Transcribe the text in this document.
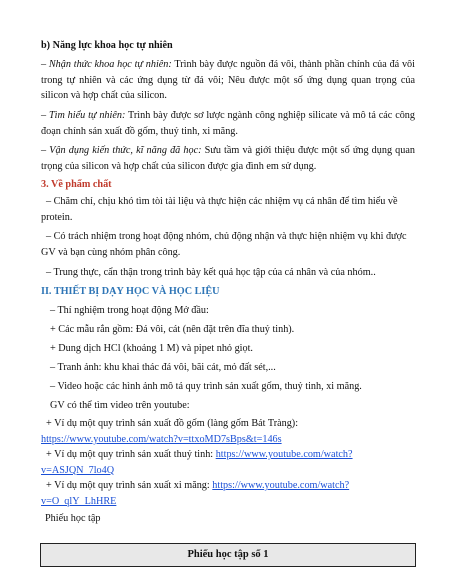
b) Năng lực khoa học tự nhiên

– Nhận thức khoa học tự nhiên: Trình bày được nguồn đá vôi, thành phần chính của đá vôi trong tự nhiên và các ứng dụng từ đá vôi; Nêu được một số ứng dụng quan trọng của silicon và hợp chất của silicon.

– Tìm hiểu tự nhiên: Trình bày được sơ lược ngành công nghiệp silicate và mô tả các công đoạn chính sản xuất đồ gốm, thuỷ tinh, xi măng.

– Vận dụng kiến thức, kĩ năng đã học: Sưu tầm và giới thiệu được một số ứng dụng quan trọng của silicon và hợp chất của silicon được gia đình em sử dụng.

3. Về phẩm chất

– Chăm chỉ, chịu khó tìm tòi tài liệu và thực hiện các nhiệm vụ cá nhân để tìm hiểu về protein.

– Có trách nhiệm trong hoạt động nhóm, chủ động nhận và thực hiện nhiệm vụ khi được GV và bạn cùng nhóm phân công.

– Trung thực, cẩn thận trong trình bày kết quả học tập của cá nhân và của nhóm..

II. THIẾT BỊ DẠY HỌC VÀ HỌC LIỆU

– Thí nghiệm trong hoạt động Mở đầu:

+ Các mẫu rắn gồm: Đá vôi, cát (nên đặt trên đĩa thuỷ tinh).

+ Dung dịch HCl (khoảng 1 M) và pipet nhỏ giọt.

– Tranh ảnh: khu khai thác đá vôi, bãi cát, mỏ đất sét,...

– Video hoặc các hình ảnh mô tả quy trình sản xuất gốm, thuỷ tinh, xi măng.

GV có thể tìm video trên youtube:

+ Ví dụ một quy trình sản xuất đồ gốm (làng gốm Bát Tràng): https://www.youtube.com/watch?v=ttxoMD7sBps&t=146s

+ Ví dụ một quy trình sản xuất thuỷ tinh: https://www.youtube.com/watch?v=ASJQN_7lo4Q

+ Ví dụ một quy trình sản xuất xi măng: https://www.youtube.com/watch?v=O_qlY_LhHRE

Phiếu học tập

Phiếu học tập số 1
